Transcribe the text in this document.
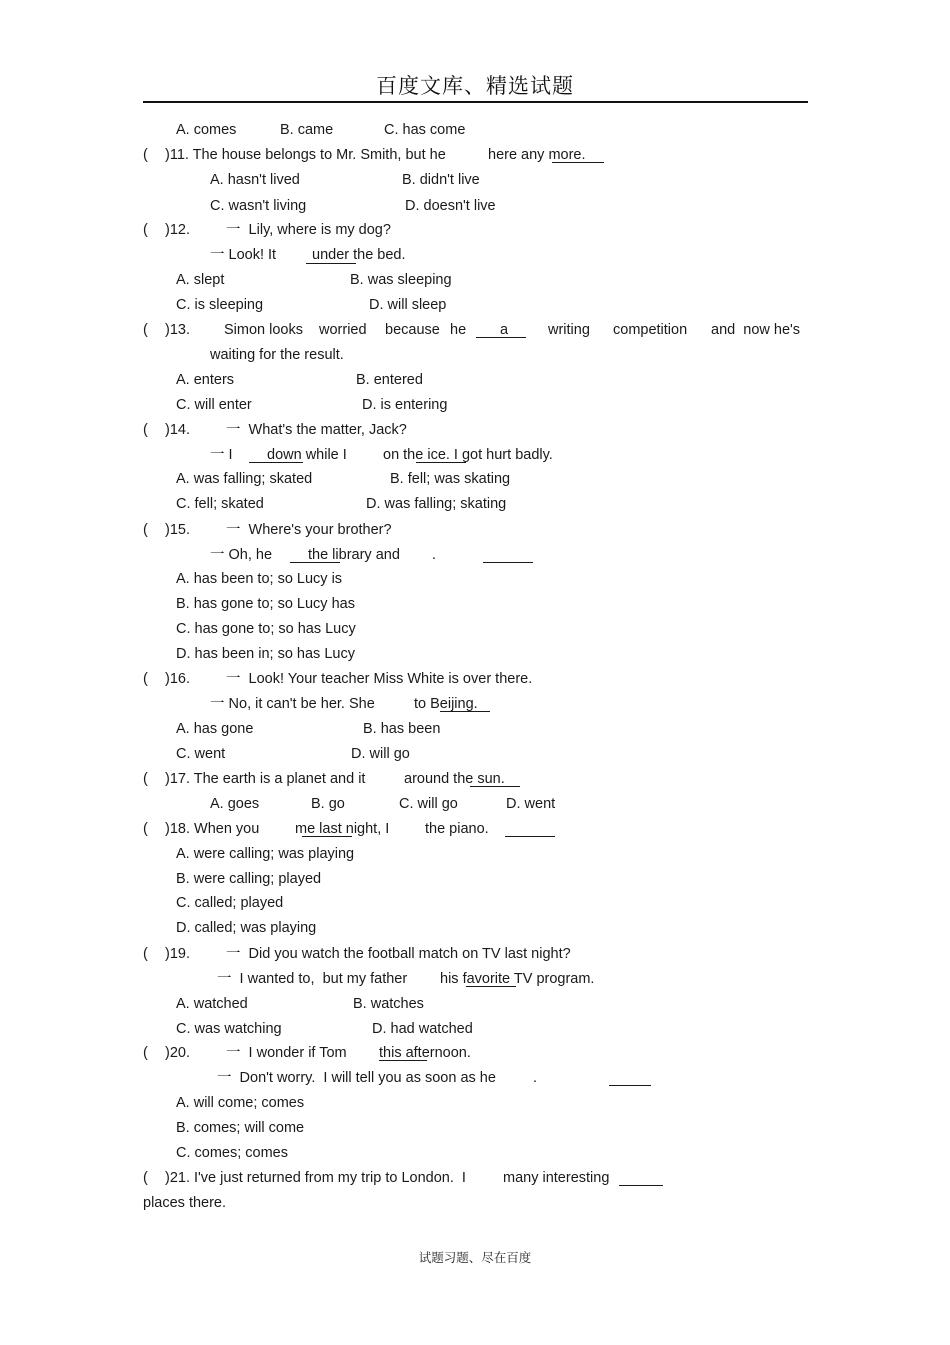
百度文库、精选试题
A. comes	B. came	C. has come
( )11. The house belongs to Mr. Smith, but he	here any more.
A. hasn't lived	B. didn't live
C. wasn't living	D. doesn't live
( )12. 一  Lily, where is my dog?
一 Look! It under the bed.
A. slept	B. was sleeping
C. is sleeping	D. will sleep
( )13. Simon looks worried because he a	writing competition and  now he's
waiting for the result.
A. enters	B. entered
C. will enter	D. is entering
( )14. 一  What's the matter, Jack?
一 I down while I on the ice. I got hurt badly.
A. was falling; skated	B. fell; was skating
C. fell; skated	D. was falling; skating
( )15. 一  Where's your brother?
一 Oh, he the library and .
A. has been to; so Lucy is
B. has gone to; so Lucy has
C. has gone to; so has Lucy
D. has been in; so has Lucy
( )16. 一  Look! Your teacher Miss White is over there.
一 No, it can't be her. She	to Beijing.
A. has gone	B. has been
C. went	D. will go
( )17. The earth is a planet and it	around the sun.
A. goes	B. go	C. will go	D. went
( )18. When you me last night, I the piano.
A. were calling; was playing
B. were calling; played
C. called; played
D. called; was playing
( )19. 一  Did you watch the football match on TV last night?
一  I wanted to,  but my father his favorite TV program.
A. watched	B. watches
C. was watching	D. had watched
( )20. 一  I wonder if Tom this afternoon.
一  Don't worry.  I will tell you as soon as he	.
A. will come; comes
B. comes; will come
C. comes; comes
( )21. I've just returned from my trip to London.  I	many interesting
places there.
试题习题、尽在百度
